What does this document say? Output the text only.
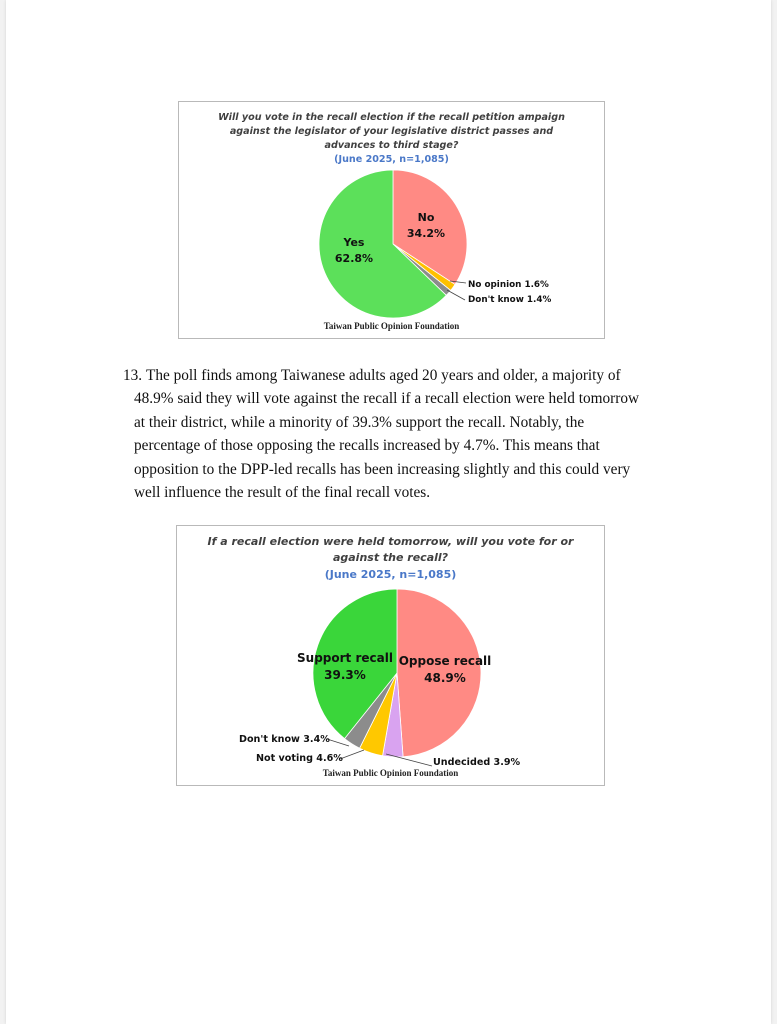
Will you vote in the recall election if the recall petition ampaign
against the legislator of your legislative district passes and
advances to third stage?
(June 2025, n=1,085)
No
34.2%
Yes
62.8%
No opinion 1.6%
Don't know 1.4%
Taiwan Public Opinion Foundation
13. The poll finds among Taiwanese adults aged 20 years and older, a majority of
48.9% said they will vote against the recall if a recall election were held tomorrow
at their district, while a minority of 39.3% support the recall. Notably, the
percentage of those opposing the recalls increased by 4.7%. This means that
opposition to the DPP-led recalls has been increasing slightly and this could very
well influence the result of the final recall votes.
If a recall election were held tomorrow, will you vote for or
against the recall?
(June 2025, n=1,085)
Oppose recall
48.9%
Support recall
39.3%
Don't know 3.4%
Not voting 4.6%	Undecided 3.9%
Taiwan Public Opinion Foundation
